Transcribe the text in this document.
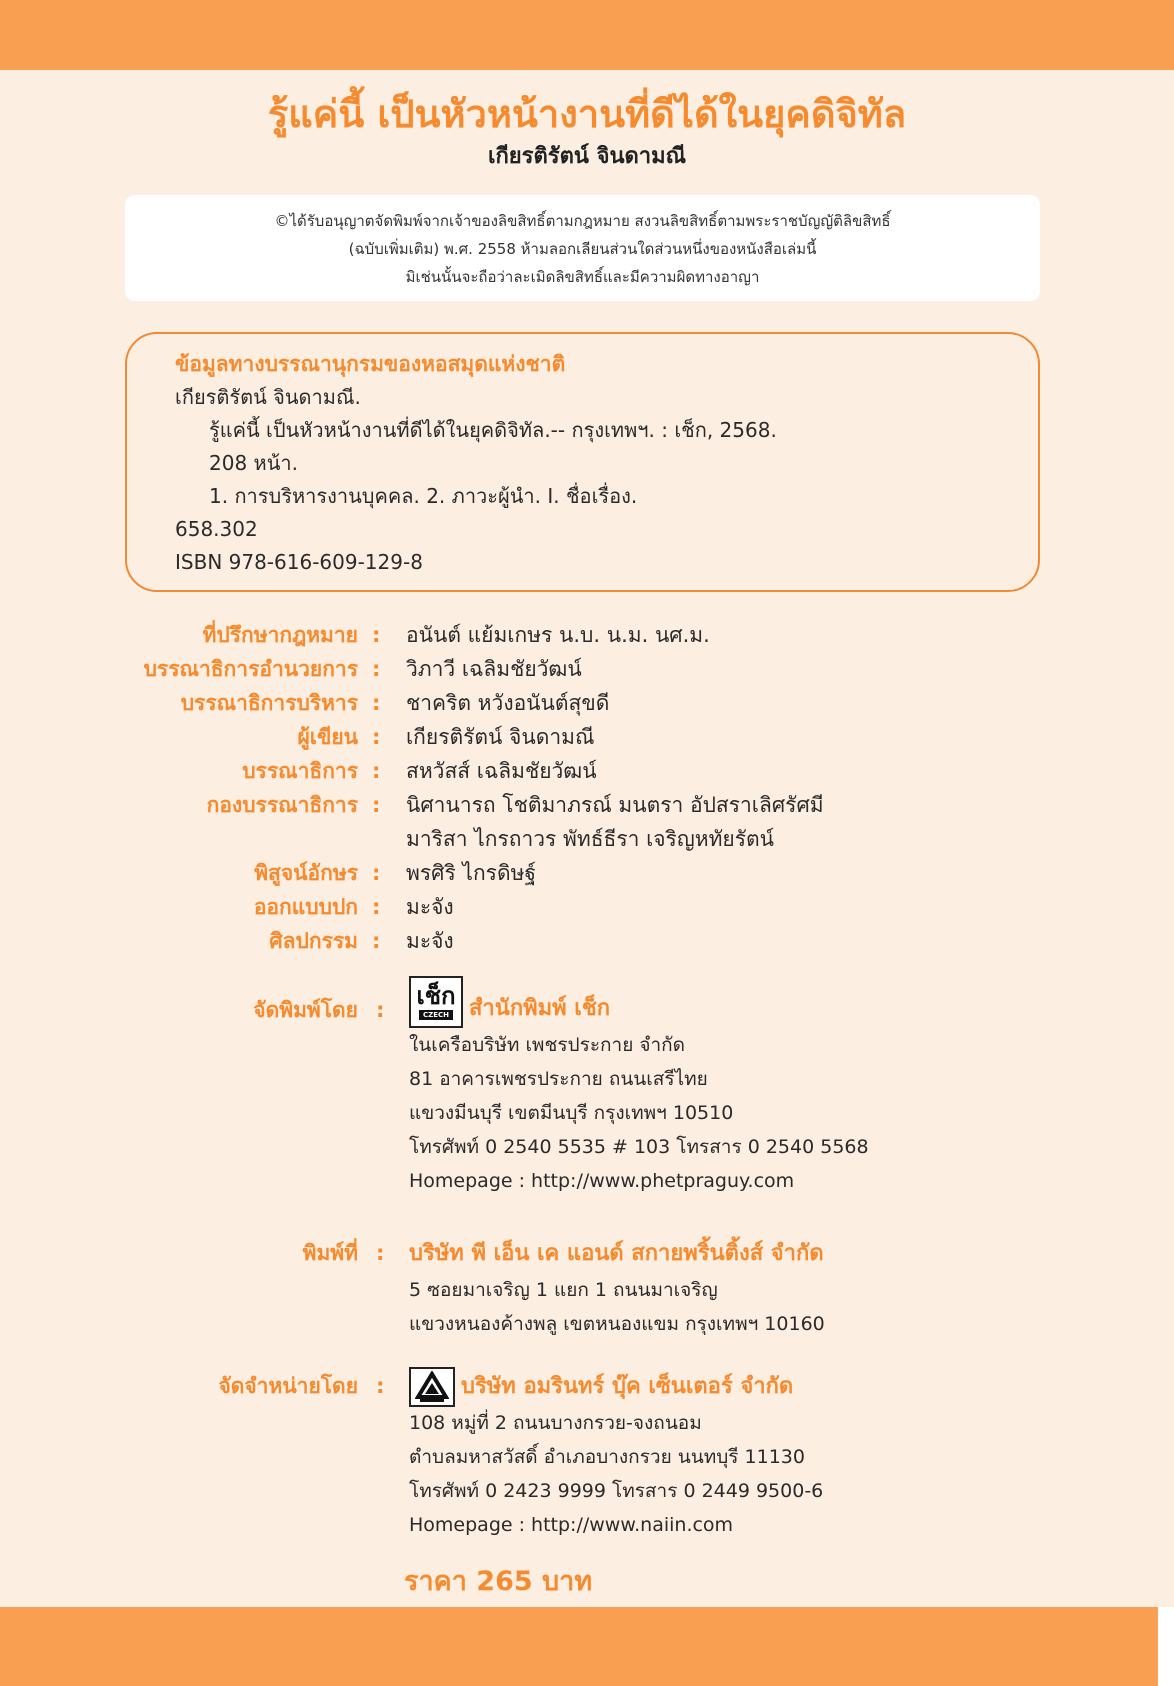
รู้แค่นี้ เป็นหัวหน้างานที่ดีได้ในยุคดิจิทัล
เกียรติรัตน์ จินดามณี
©ได้รับอนุญาตจัดพิมพ์จากเจ้าของลิขสิทธิ์ตามกฎหมาย สงวนลิขสิทธิ์ตามพระราชบัญญัติลิขสิทธิ์
(ฉบับเพิ่มเติม) พ.ศ. 2558 ห้ามลอกเลียนส่วนใดส่วนหนึ่งของหนังสือเล่มนี้
มิเช่นนั้นจะถือว่าละเมิดลิขสิทธิ์และมีความผิดทางอาญา
ข้อมูลทางบรรณานุกรมของหอสมุดแห่งชาติ
เกียรติรัตน์ จินดามณี.
รู้แค่นี้ เป็นหัวหน้างานที่ดีได้ในยุคดิจิทัล.-- กรุงเทพฯ. : เช็ก, 2568.
208 หน้า.
1. การบริหารงานบุคคล. 2. ภาวะผู้นำ. I. ชื่อเรื่อง.
658.302
ISBN 978-616-609-129-8
ที่ปรึกษากฎหมาย : อนันต์ แย้มเกษร น.บ. น.ม. นศ.ม.
บรรณาธิการอำนวยการ : วิภาวี เฉลิมชัยวัฒน์
บรรณาธิการบริหาร : ชาคริต หวังอนันต์สุขดี
ผู้เขียน : เกียรติรัตน์ จินดามณี
บรรณาธิการ : สหวัสส์ เฉลิมชัยวัฒน์
กองบรรณาธิการ : นิศานารถ โชติมาภรณ์ มนตรา อัปสราเลิศรัศมี
มาริสา ไกรถาวร พัทธ์ธีรา เจริญหทัยรัตน์
พิสูจน์อักษร : พรศิริ ไกรดิษฐ์
ออกแบบปก : มะจัง
ศิลปกรรม : มะจัง
จัดพิมพ์โดย : เช็ก
CZECH สำนักพิมพ์ เช็ก
ในเครือบริษัท เพชรประกาย จำกัด
81 อาคารเพชรประกาย ถนนเสรีไทย
แขวงมีนบุรี เขตมีนบุรี กรุงเทพฯ 10510
โทรศัพท์ 0 2540 5535 # 103 โทรสาร 0 2540 5568
Homepage : http://www.phetpraguy.com
พิมพ์ที่ : บริษัท พี เอ็น เค แอนด์ สกายพริ้นติ้งส์ จำกัด
5 ซอยมาเจริญ 1 แยก 1 ถนนมาเจริญ
แขวงหนองค้างพลู เขตหนองแขม กรุงเทพฯ 10160
จัดจำหน่ายโดย :	บริษัท อมรินทร์ บุ๊ค เซ็นเตอร์ จำกัด
108 หมู่ที่ 2 ถนนบางกรวย-จงถนอม
ตำบลมหาสวัสดิ์ อำเภอบางกรวย นนทบุรี 11130
โทรศัพท์ 0 2423 9999 โทรสาร 0 2449 9500-6
Homepage : http://www.naiin.com
ราคา 265 บาท
